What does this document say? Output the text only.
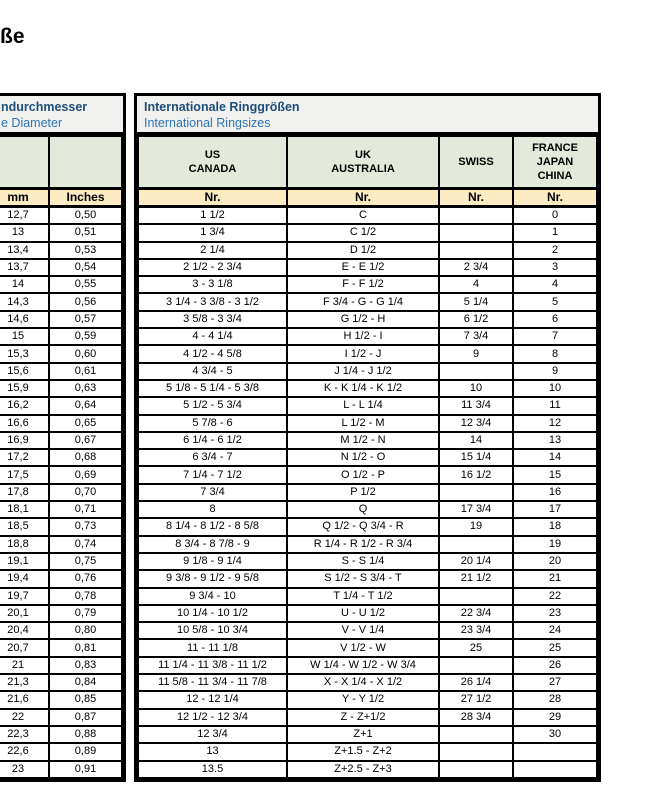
ße
ndurchmesser
e Diameter

mm	Inches
12,7	0,50
13	0,51
13,4	0,53
13,7	0,54
14	0,55
14,3	0,56
14,6	0,57
15	0,59
15,3	0,60
15,6	0,61
15,9	0,63
16,2	0,64
16,6	0,65
16,9	0,67
17,2	0,68
17,5	0,69
17,8	0,70
18,1	0,71
18,5	0,73
18,8	0,74
19,1	0,75
19,4	0,76
19,7	0,78
20,1	0,79
20,4	0,80
20,7	0,81
21	0,83
21,3	0,84
21,6	0,85
22	0,87
22,3	0,88
22,6	0,89
23	0,91
Internationale Ringgrößen
International Ringsizes
US
CANADA

UK
AUSTRALIA

SWISS

FRANCE
JAPAN
CHINA

Nr.	Nr.	Nr.	Nr.
1 1/2	C		0
1 3/4	C 1/2		1
2 1/4	D 1/2		2
2 1/2 - 2 3/4	E - E 1/2	2 3/4	3
3 - 3 1/8	F - F 1/2	4	4
3 1/4 - 3 3/8 - 3 1/2	F 3/4 - G - G 1/4	5 1/4	5
3 5/8 - 3 3/4	G 1/2 - H	6 1/2	6
4 - 4 1/4	H 1/2 - I	7 3/4	7
4 1/2 - 4 5/8	I 1/2 - J	9	8
4 3/4 - 5	J 1/4 - J 1/2		9
5 1/8 - 5 1/4 - 5 3/8	K - K 1/4 - K 1/2	10	10
5 1/2 - 5 3/4	L - L 1/4	11 3/4	11
5 7/8 - 6	L 1/2 - M	12 3/4	12
6 1/4 - 6 1/2	M 1/2 - N	14	13
6 3/4 - 7	N 1/2 - O	15 1/4	14
7 1/4 - 7 1/2	O 1/2 - P	16 1/2	15
7 3/4	P 1/2		16
8	Q	17 3/4	17
8 1/4 - 8 1/2 - 8 5/8	Q 1/2 - Q 3/4 - R	19	18
8 3/4 - 8 7/8 - 9	R 1/4 - R 1/2 - R 3/4		19
9 1/8 - 9 1/4	S - S 1/4	20 1/4	20
9 3/8 - 9 1/2 - 9 5/8	S 1/2 - S 3/4 - T	21 1/2	21
9 3/4 - 10	T 1/4 - T 1/2		22
10 1/4 - 10 1/2	U - U 1/2	22 3/4	23
10 5/8 - 10 3/4	V - V 1/4	23 3/4	24
11 - 11 1/8	V 1/2 - W	25	25
11 1/4 - 11 3/8 - 11 1/2	W 1/4 - W 1/2 - W 3/4		26
11 5/8 - 11 3/4 - 11 7/8	X - X 1/4 - X 1/2	26 1/4	27
12 - 12 1/4	Y - Y 1/2	27 1/2	28
12 1/2 - 12 3/4	Z - Z+1/2	28 3/4	29
12 3/4	Z+1		30
13	Z+1.5 - Z+2		
13.5	Z+2.5 - Z+3		
